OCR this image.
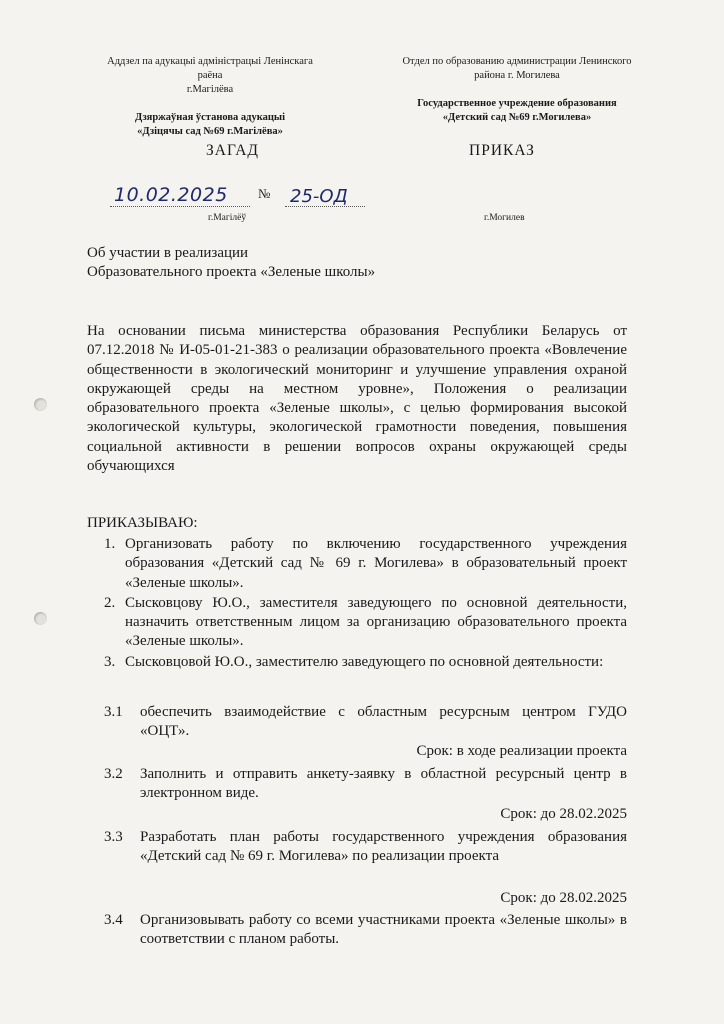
Аддзел па адукацыі адміністрацыі Ленінскага раёна
г.Магілёва
Дзяржаўная ўстанова адукацыі
«Дзіцячы сад №69 г.Магілёва»
Отдел по образованию администрации Ленинского
района г. Могилева
Государственное учреждение образования
«Детский сад №69 г.Могилева»
ЗАГАД	ПРИКАЗ
10.02.2025 № 25-ОД
г.Магілёў	г.Могилев
Об участии в реализации
Образовательного проекта «Зеленые школы»
На основании письма министерства образования Республики Беларусь от 07.12.2018 № И-05-01-21-383 о реализации образовательного проекта «Вовлечение общественности в экологический мониторинг и улучшение управления охраной окружающей среды на местном уровне», Положения о реализации образовательного проекта «Зеленые школы», с целью формирования высокой экологической культуры, экологической грамотности поведения, повышения социальной активности в решении вопросов охраны окружающей среды обучающихся
ПРИКАЗЫВАЮ:
1. Организовать работу по включению государственного учреждения образования «Детский сад № 69 г. Могилева» в образовательный проект «Зеленые школы».
2. Сысковцову Ю.О., заместителя заведующего по основной деятельности, назначить ответственным лицом за организацию образовательного проекта «Зеленые школы».
3. Сысковцовой Ю.О., заместителю заведующего по основной деятельности:
3.1 обеспечить взаимодействие с областным ресурсным центром ГУДО «ОЦТ».
Срок: в ходе реализации проекта
3.2 Заполнить и отправить анкету-заявку в областной ресурсный центр в электронном виде.
Срок: до 28.02.2025
3.3 Разработать план работы государственного учреждения образования «Детский сад № 69 г. Могилева» по реализации проекта
Срок: до 28.02.2025
3.4 Организовывать работу со всеми участниками проекта «Зеленые школы» в соответствии с планом работы.
